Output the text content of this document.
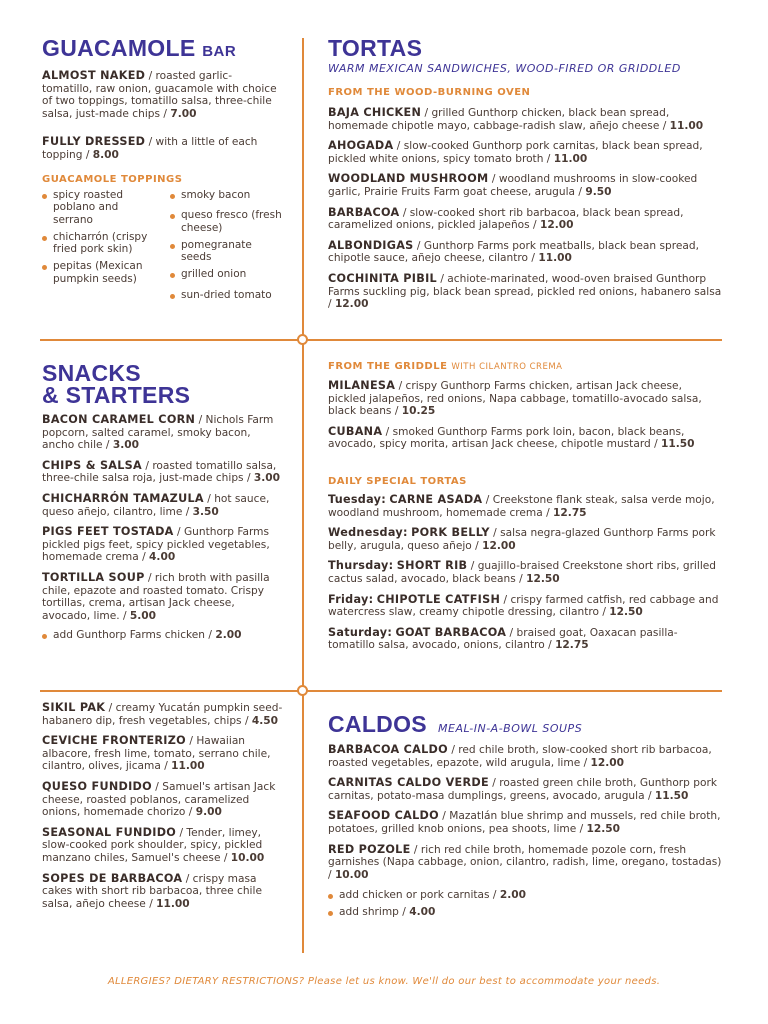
GUACAMOLE BAR
ALMOST NAKED / roasted garlic-tomatillo, raw onion, guacamole with choice of two toppings, tomatillo salsa, three-chile salsa, just-made chips / 7.00
FULLY DRESSED / with a little of each topping / 8.00
GUACAMOLE TOPPINGS
spicy roasted poblano and serrano
chicharrón (crispy fried pork skin)
pepitas (Mexican pumpkin seeds)
smoky bacon
queso fresco (fresh cheese)
pomegranate seeds
grilled onion
sun-dried tomato
SNACKS
& STARTERS
BACON CARAMEL CORN / Nichols Farm popcorn, salted caramel, smoky bacon, ancho chile / 3.00
CHIPS & SALSA / roasted tomatillo salsa, three-chile salsa roja, just-made chips / 3.00
CHICHARRÓN TAMAZULA / hot sauce, queso añejo, cilantro, lime / 3.50
PIGS FEET TOSTADA / Gunthorp Farms pickled pigs feet, spicy pickled vegetables, homemade crema / 4.00
TORTILLA SOUP / rich broth with pasilla chile, epazote and roasted tomato. Crispy tortillas, crema, artisan Jack cheese, avocado, lime. / 5.00
add Gunthorp Farms chicken / 2.00
SIKIL PAK / creamy Yucatán pumpkin seed-habanero dip, fresh vegetables, chips / 4.50
CEVICHE FRONTERIZO / Hawaiian albacore, fresh lime, tomato, serrano chile, cilantro, olives, jicama / 11.00
QUESO FUNDIDO / Samuel's artisan Jack cheese, roasted poblanos, caramelized onions, homemade chorizo / 9.00
SEASONAL FUNDIDO / Tender, limey, slow-cooked pork shoulder, spicy, pickled manzano chiles, Samuel's cheese / 10.00
SOPES DE BARBACOA / crispy masa cakes with short rib barbacoa, three chile salsa, añejo cheese / 11.00
TORTAS
WARM MEXICAN SANDWICHES, WOOD-FIRED OR GRIDDLED
FROM THE WOOD-BURNING OVEN
BAJA CHICKEN / grilled Gunthorp chicken, black bean spread, homemade chipotle mayo, cabbage-radish slaw, añejo cheese / 11.00
AHOGADA / slow-cooked Gunthorp pork carnitas, black bean spread, pickled white onions, spicy tomato broth / 11.00
WOODLAND MUSHROOM / woodland mushrooms in slow-cooked garlic, Prairie Fruits Farm goat cheese, arugula / 9.50
BARBACOA / slow-cooked short rib barbacoa, black bean spread, caramelized onions, pickled jalapeños / 12.00
ALBONDIGAS / Gunthorp Farms pork meatballs, black bean spread, chipotle sauce, añejo cheese, cilantro / 11.00
COCHINITA PIBIL / achiote-marinated, wood-oven braised Gunthorp Farms suckling pig, black bean spread, pickled red onions, habanero salsa / 12.00
FROM THE GRIDDLE WITH CILANTRO CREMA
MILANESA / crispy Gunthorp Farms chicken, artisan Jack cheese, pickled jalapeños, red onions, Napa cabbage, tomatillo-avocado salsa, black beans / 10.25
CUBANA / smoked Gunthorp Farms pork loin, bacon, black beans, avocado, spicy morita, artisan Jack cheese, chipotle mustard / 11.50
DAILY SPECIAL TORTAS
Tuesday: CARNE ASADA / Creekstone flank steak, salsa verde mojo, woodland mushroom, homemade crema / 12.75
Wednesday: PORK BELLY / salsa negra-glazed Gunthorp Farms pork belly, arugula, queso añejo / 12.00
Thursday: SHORT RIB / guajillo-braised Creekstone short ribs, grilled cactus salad, avocado, black beans / 12.50
Friday: CHIPOTLE CATFISH / crispy farmed catfish, red cabbage and watercress slaw, creamy chipotle dressing, cilantro / 12.50
Saturday: GOAT BARBACOA / braised goat, Oaxacan pasilla-tomatillo salsa, avocado, onions, cilantro / 12.75
CALDOS MEAL-IN-A-BOWL SOUPS
BARBACOA CALDO / red chile broth, slow-cooked short rib barbacoa, roasted vegetables, epazote, wild arugula, lime / 12.00
CARNITAS CALDO VERDE / roasted green chile broth, Gunthorp pork carnitas, potato-masa dumplings, greens, avocado, arugula / 11.50
SEAFOOD CALDO / Mazatlán blue shrimp and mussels, red chile broth, potatoes, grilled knob onions, pea shoots, lime / 12.50
RED POZOLE / rich red chile broth, homemade pozole corn, fresh garnishes (Napa cabbage, onion, cilantro, radish, lime, oregano, tostadas) / 10.00
add chicken or pork carnitas / 2.00
add shrimp / 4.00
ALLERGIES? DIETARY RESTRICTIONS? Please let us know. We'll do our best to accommodate your needs.
